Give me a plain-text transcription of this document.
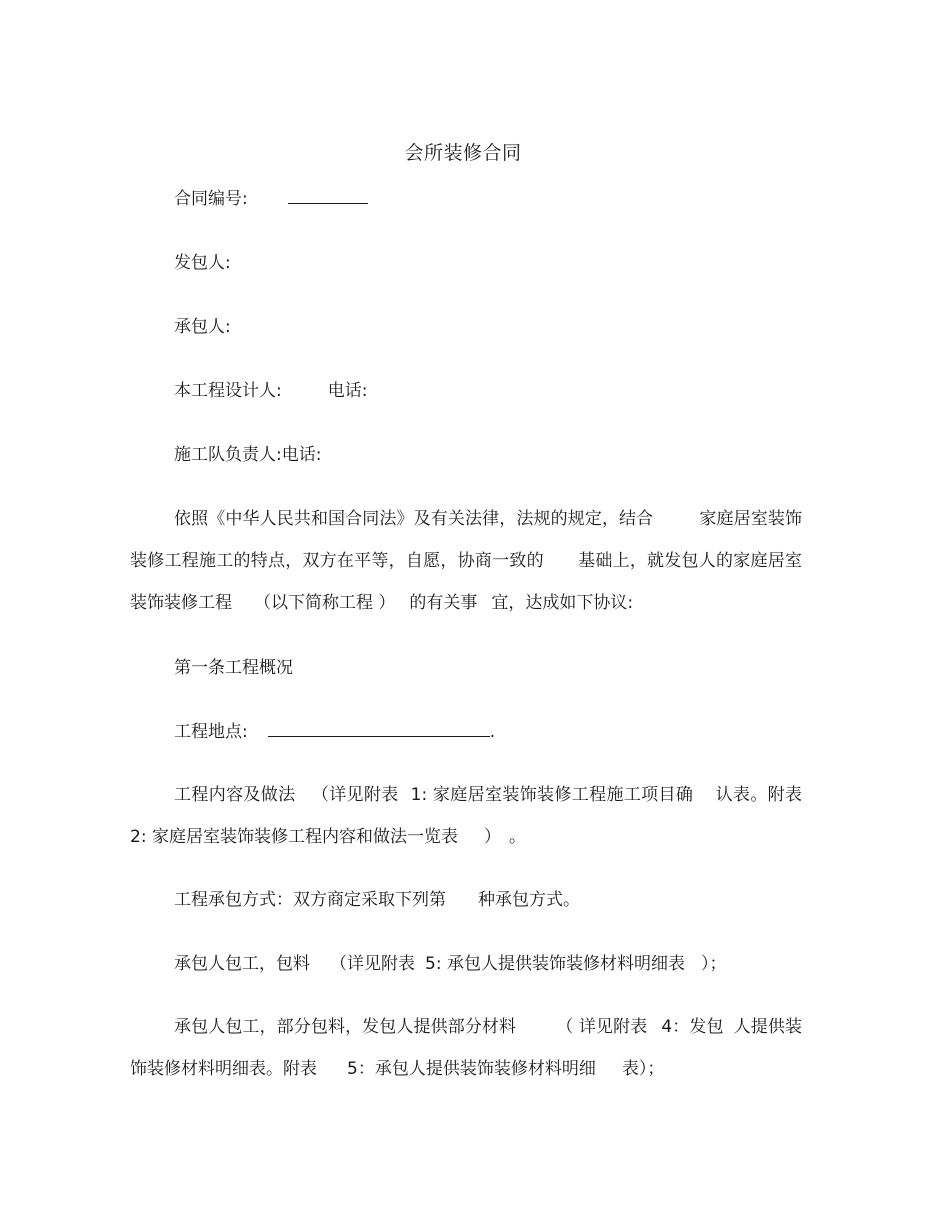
会所装修合同
合同编号:
发包人:
承包人:
本工程设计人:	电话:
施工队负责人:电话:
依照《中华人民共和国合同法》及有关法律，法规的规定，结合	家庭居室装饰装修工程施工的特点，双方在平等，自愿，协商一致的 基础上，就发包人的家庭居室装饰装修工程 （以下简称工程 ） 的有关事 宜，达成如下协议:
第一条工程概况
工程地点:	.
工程内容及做法 （详见附表 1: 家庭居室装饰装修工程施工项目确 认表。附表 2: 家庭居室装饰装修工程内容和做法一览表 ） 。
工程承包方式：双方商定采取下列第 种承包方式。
承包人包工，包料 （详见附表 5: 承包人提供装饰装修材料明细表 ）；
承包人包工，部分包料，发包人提供部分材料 （ 详见附表 4：发包 人提供装饰装修材料明细表。附表 5：承包人提供装饰装修材料明细 表）；
